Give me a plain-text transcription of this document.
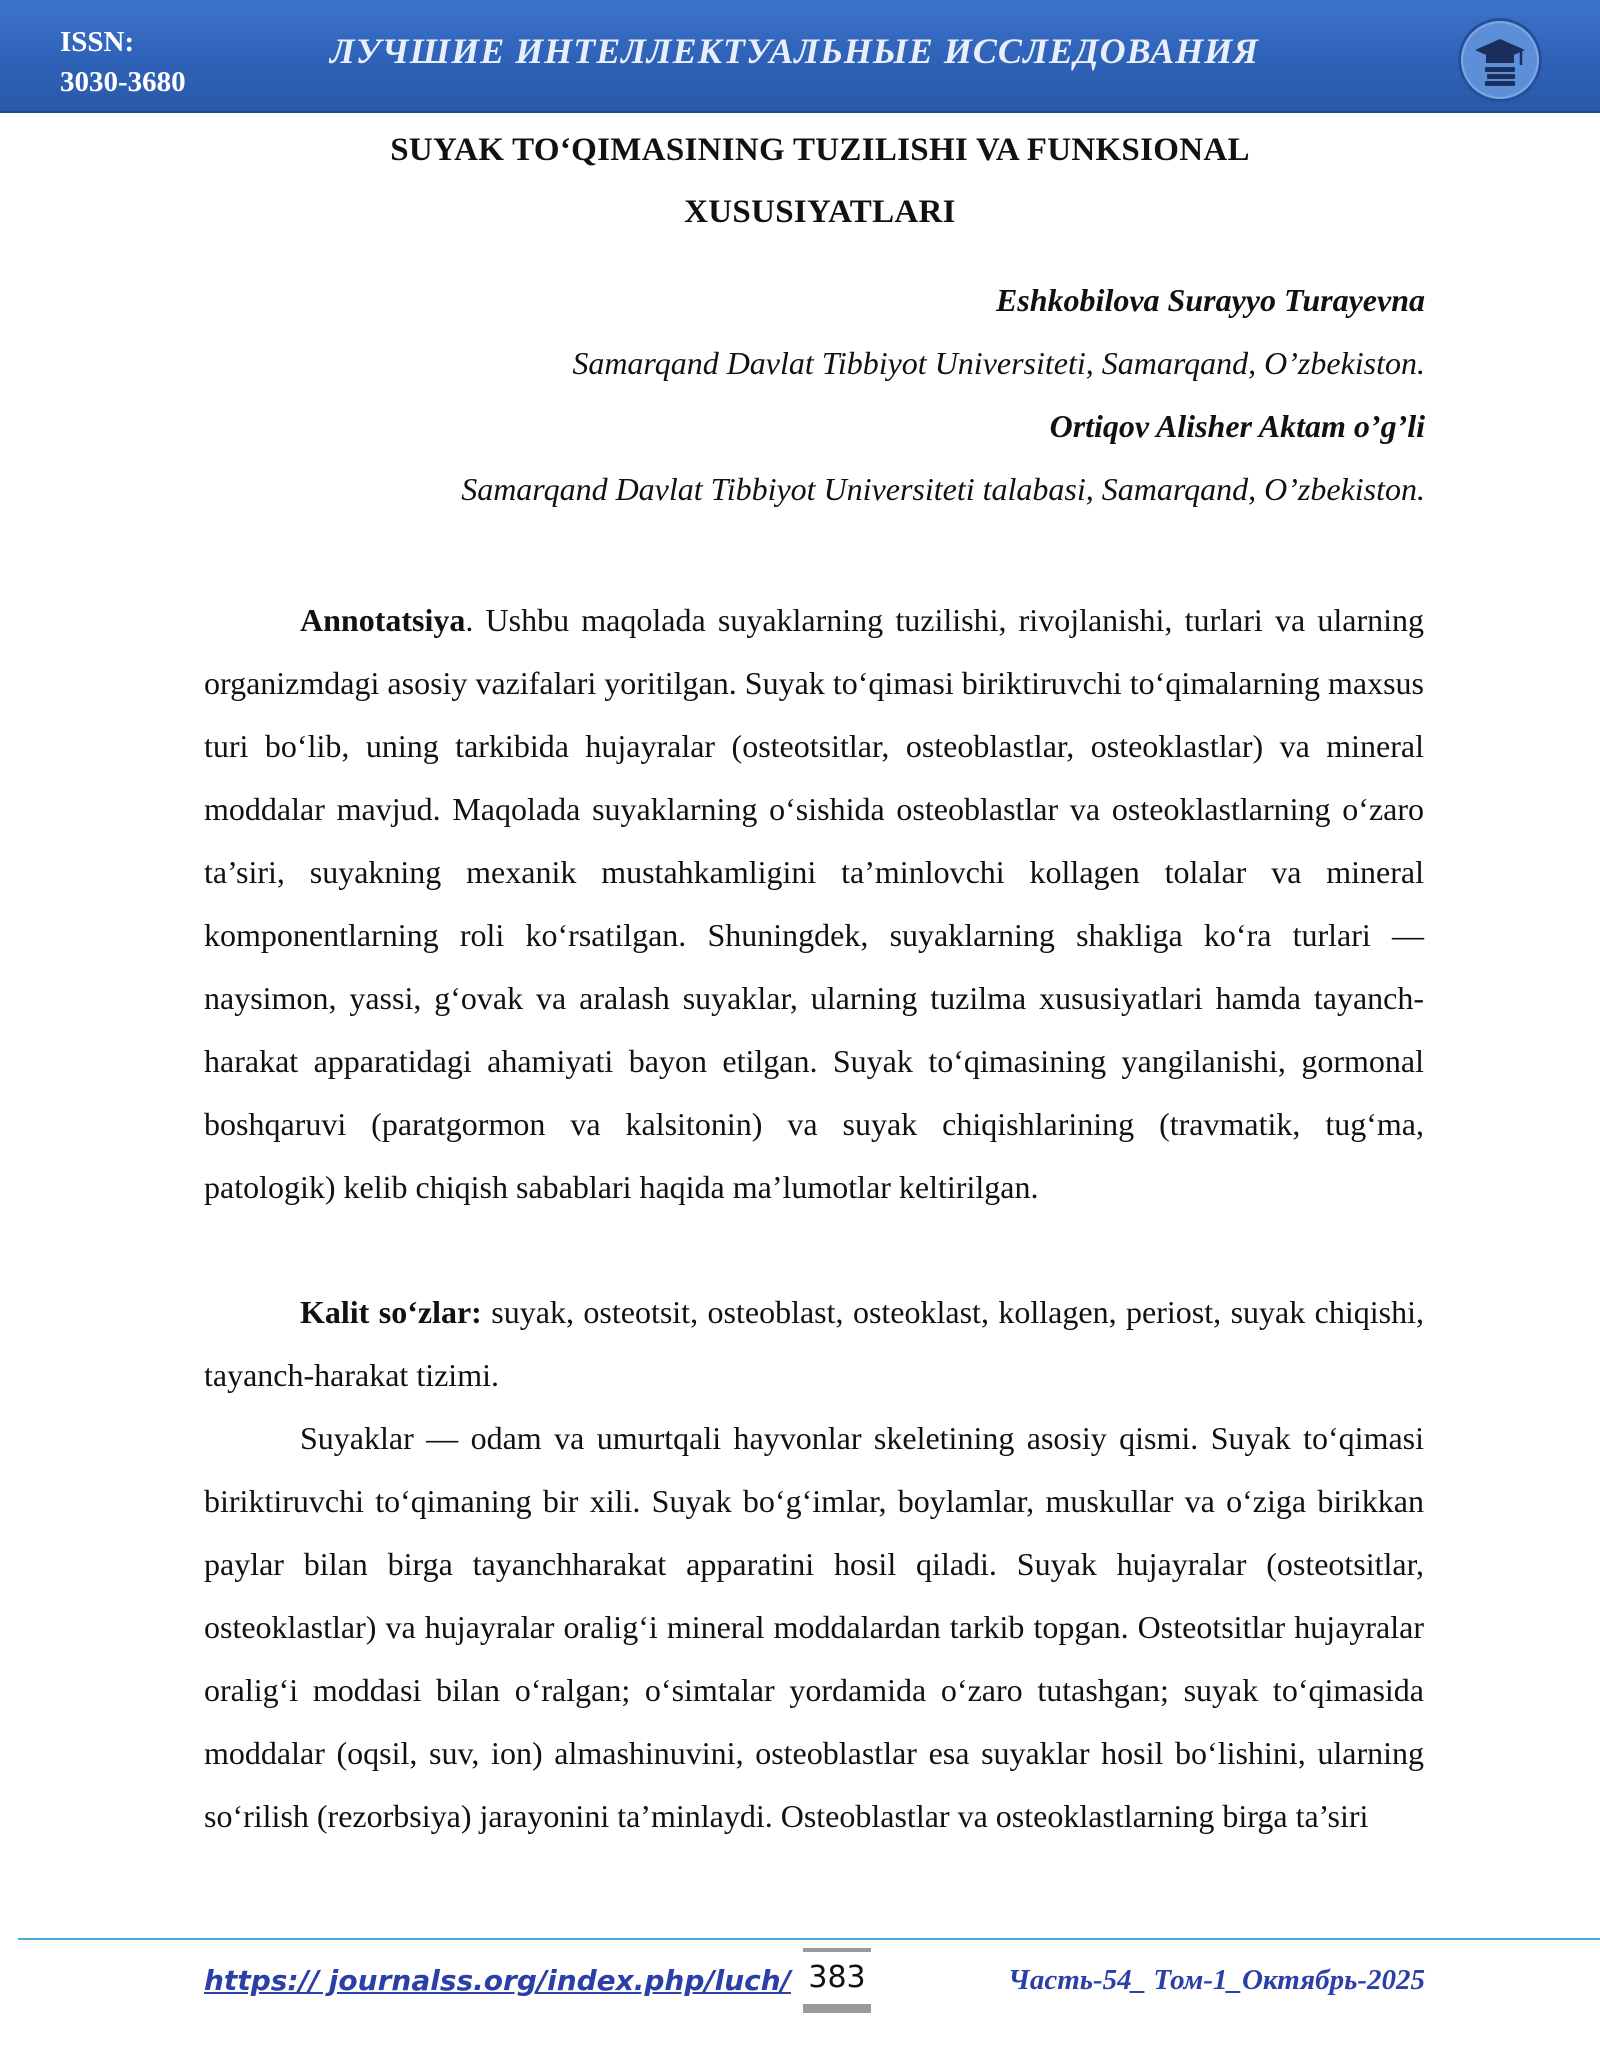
ISSN:
3030-3680
ЛУЧШИЕ ИНТЕЛЛЕКТУАЛЬНЫЕ ИССЛЕДОВАНИЯ
SUYAK TO‘QIMASINING TUZILISHI VA FUNKSIONAL
XUSUSIYATLARI
Eshkobilova Surayyo Turayevna
Samarqand Davlat Tibbiyot Universiteti, Samarqand, O’zbekiston.
Ortiqov Alisher Aktam o’g’li
Samarqand Davlat Tibbiyot Universiteti talabasi, Samarqand, O’zbekiston.
Annotatsiya. Ushbu maqolada suyaklarning tuzilishi, rivojlanishi, turlari va ularning organizmdagi asosiy vazifalari yoritilgan. Suyak to‘qimasi biriktiruvchi to‘qimalarning maxsus turi bo‘lib, uning tarkibida hujayralar (osteotsitlar, osteoblastlar, osteoklastlar) va mineral moddalar mavjud. Maqolada suyaklarning o‘sishida osteoblastlar va osteoklastlarning o‘zaro ta’siri, suyakning mexanik mustahkamligini ta’minlovchi kollagen tolalar va mineral komponentlarning roli ko‘rsatilgan. Shuningdek, suyaklarning shakliga ko‘ra turlari — naysimon, yassi, g‘ovak va aralash suyaklar, ularning tuzilma xususiyatlari hamda tayanch-harakat apparatidagi ahamiyati bayon etilgan. Suyak to‘qimasining yangilanishi, gormonal boshqaruvi (paratgormon va kalsitonin) va suyak chiqishlarining (travmatik, tug‘ma, patologik) kelib chiqish sabablari haqida ma’lumotlar keltirilgan.
Kalit so‘zlar: suyak, osteotsit, osteoblast, osteoklast, kollagen, periost, suyak chiqishi, tayanch-harakat tizimi.
Suyaklar — odam va umurtqali hayvonlar skeletining asosiy qismi. Suyak to‘qimasi biriktiruvchi to‘qimaning bir xili. Suyak bo‘g‘imlar, boylamlar, muskullar va o‘ziga birikkan paylar bilan birga tayanchharakat apparatini hosil qiladi. Suyak hujayralar (osteotsitlar, osteoklastlar) va hujayralar oralig‘i mineral moddalardan tarkib topgan. Osteotsitlar hujayralar oralig‘i moddasi bilan o‘ralgan; o‘simtalar yordamida o‘zaro tutashgan; suyak to‘qimasida moddalar (oqsil, suv, ion) almashinuvini, osteoblastlar esa suyaklar hosil bo‘lishini, ularning so‘rilish (rezorbsiya) jarayonini ta’minlaydi. Osteoblastlar va osteoklastlarning birga ta’siri
https:// journalss.org/index.php/luch/ 383	Часть-54_ Том-1_Октябрь-2025
